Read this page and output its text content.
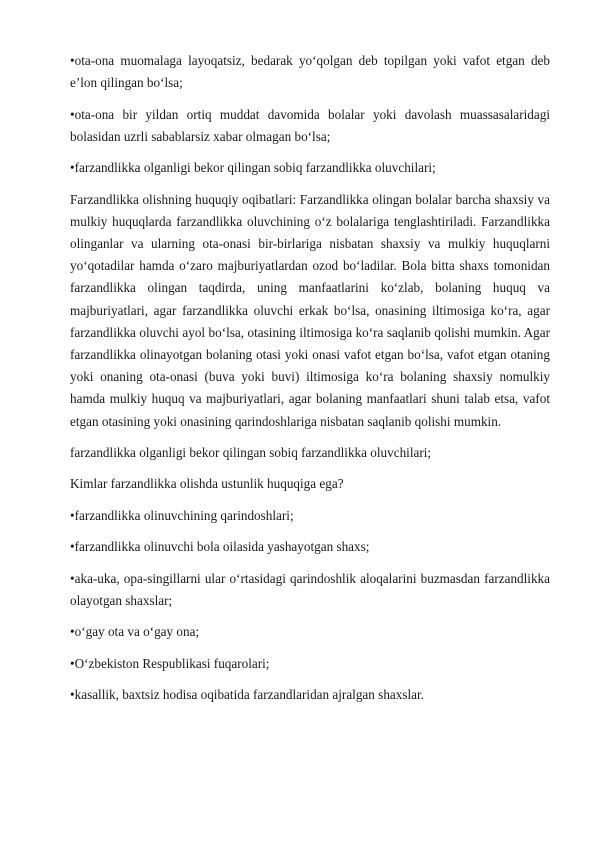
•ota-ona muomalaga layoqatsiz, bedarak yo‘qolgan deb topilgan yoki vafot etgan deb e’lon qilingan bo‘lsa;

•ota-ona bir yildan ortiq muddat davomida bolalar yoki davolash muassasalaridagi bolasidan uzrli sabablarsiz xabar olmagan bo‘lsa;

•farzandlikka olganligi bekor qilingan sobiq farzandlikka oluvchilari;

Farzandlikka olishning huquqiy oqibatlari: Farzandlikka olingan bolalar barcha shaxsiy va mulkiy huquqlarda farzandlikka oluvchining o‘z bolalariga tenglashtiriladi. Farzandlikka olinganlar va ularning ota-onasi bir-birlariga nisbatan shaxsiy va mulkiy huquqlarni yo‘qotadilar hamda o‘zaro majburiyatlardan ozod bo‘ladilar. Bola bitta shaxs tomonidan farzandlikka olingan taqdirda, uning manfaatlarini ko‘zlab, bolaning huquq va majburiyatlari, agar farzandlikka oluvchi erkak bo‘lsa, onasining iltimosiga ko‘ra, agar farzandlikka oluvchi ayol bo‘lsa, otasining iltimosiga ko‘ra saqlanib qolishi mumkin. Agar farzandlikka olinayotgan bolaning otasi yoki onasi vafot etgan bo‘lsa, vafot etgan otaning yoki onaning ota-onasi (buva yoki buvi) iltimosiga ko‘ra bolaning shaxsiy nomulkiy hamda mulkiy huquq va majburiyatlari, agar bolaning manfaatlari shuni talab etsa, vafot etgan otasining yoki onasining qarindoshlariga nisbatan saqlanib qolishi mumkin.

farzandlikka olganligi bekor qilingan sobiq farzandlikka oluvchilari;

Kimlar farzandlikka olishda ustunlik huquqiga ega?

•farzandlikka olinuvchining qarindoshlari;

•farzandlikka olinuvchi bola oilasida yashayotgan shaxs;

•aka-uka, opa-singillarni ular o‘rtasidagi qarindoshlik aloqalarini buzmasdan farzandlikka olayotgan shaxslar;

•o‘gay ota va o‘gay ona;

•O‘zbekiston Respublikasi fuqarolari;

•kasallik, baxtsiz hodisa oqibatida farzandlaridan ajralgan shaxslar.
